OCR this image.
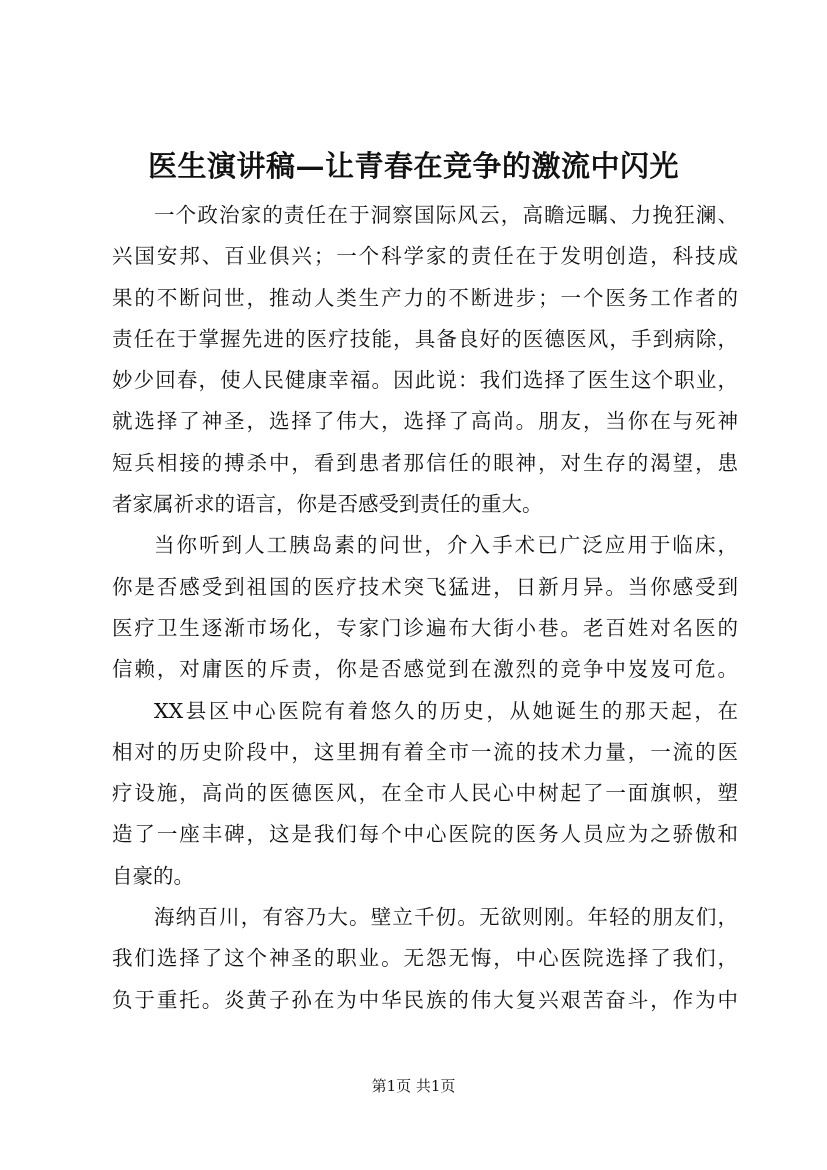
医生演讲稿—让青春在竞争的激流中闪光
一个政治家的责任在于洞察国际风云，高瞻远瞩、力挽狂澜、
兴国安邦、百业俱兴；一个科学家的责任在于发明创造，科技成
果的不断问世，推动人类生产力的不断进步；一个医务工作者的
责任在于掌握先进的医疗技能，具备良好的医德医风，手到病除，
妙少回春，使人民健康幸福。因此说：我们选择了医生这个职业，
就选择了神圣，选择了伟大，选择了高尚。朋友，当你在与死神
短兵相接的搏杀中，看到患者那信任的眼神，对生存的渴望，患
者家属祈求的语言，你是否感受到责任的重大。
当你听到人工胰岛素的问世，介入手术已广泛应用于临床，
你是否感受到祖国的医疗技术突飞猛进，日新月异。当你感受到
医疗卫生逐渐市场化，专家门诊遍布大街小巷。老百姓对名医的
信赖，对庸医的斥责，你是否感觉到在激烈的竞争中岌岌可危。
XX县区中心医院有着悠久的历史，从她诞生的那天起，在
相对的历史阶段中，这里拥有着全市一流的技术力量，一流的医
疗设施，高尚的医德医风，在全市人民心中树起了一面旗帜，塑
造了一座丰碑，这是我们每个中心医院的医务人员应为之骄傲和
自豪的。
海纳百川，有容乃大。壁立千仞。无欲则刚。年轻的朋友们，
我们选择了这个神圣的职业。无怨无悔，中心医院选择了我们，
负于重托。炎黄子孙在为中华民族的伟大复兴艰苦奋斗，作为中
第1页 共1页
